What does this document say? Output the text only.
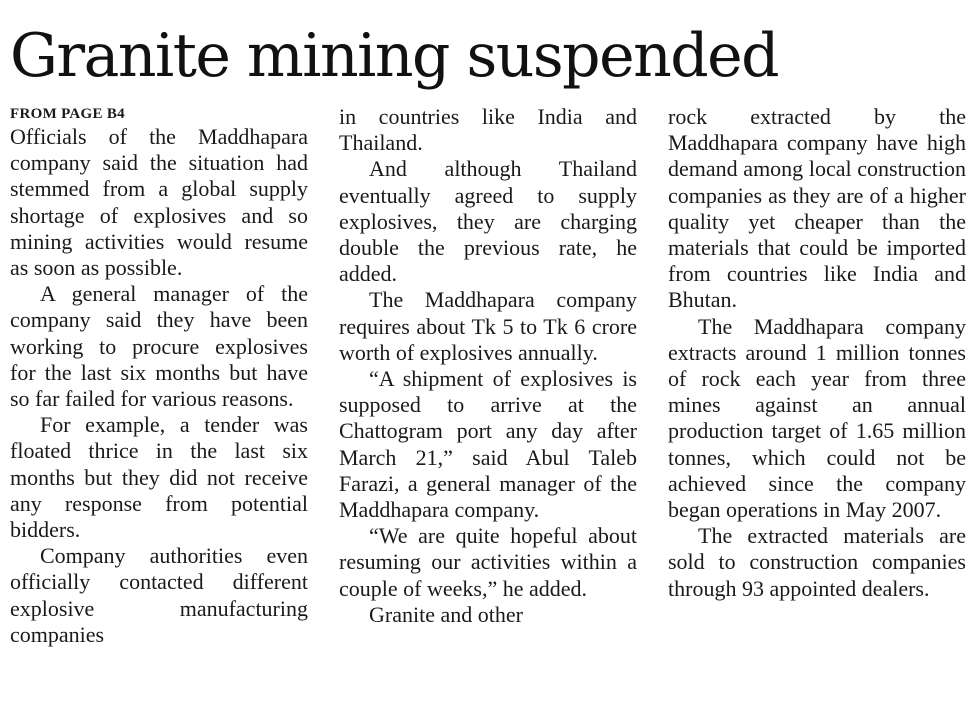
Granite mining suspended
FROM PAGE B4

Officials of the Maddhapara company said the situation had stemmed from a global supply shortage of explosives and so mining activities would resume as soon as possible.

A general manager of the company said they have been working to procure explosives for the last six months but have so far failed for various reasons.

For example, a tender was floated thrice in the last six months but they did not receive any response from potential bidders.

Company authorities even officially contacted different explosive manufacturing companies

in countries like India and Thailand.

And although Thailand eventually agreed to supply explosives, they are charging double the previous rate, he added.

The Maddhapara company requires about Tk 5 to Tk 6 crore worth of explosives annually.

“A shipment of explosives is supposed to arrive at the Chattogram port any day after March 21,” said Abul Taleb Farazi, a general manager of the Maddhapara company.

“We are quite hopeful about resuming our activities within a couple of weeks,” he added.

Granite and other

rock extracted by the Maddhapara company have high demand among local construction companies as they are of a higher quality yet cheaper than the materials that could be imported from countries like India and Bhutan.

The Maddhapara company extracts around 1 million tonnes of rock each year from three mines against an annual production target of 1.65 million tonnes, which could not be achieved since the company began operations in May 2007.

The extracted materials are sold to construction companies through 93 appointed dealers.
